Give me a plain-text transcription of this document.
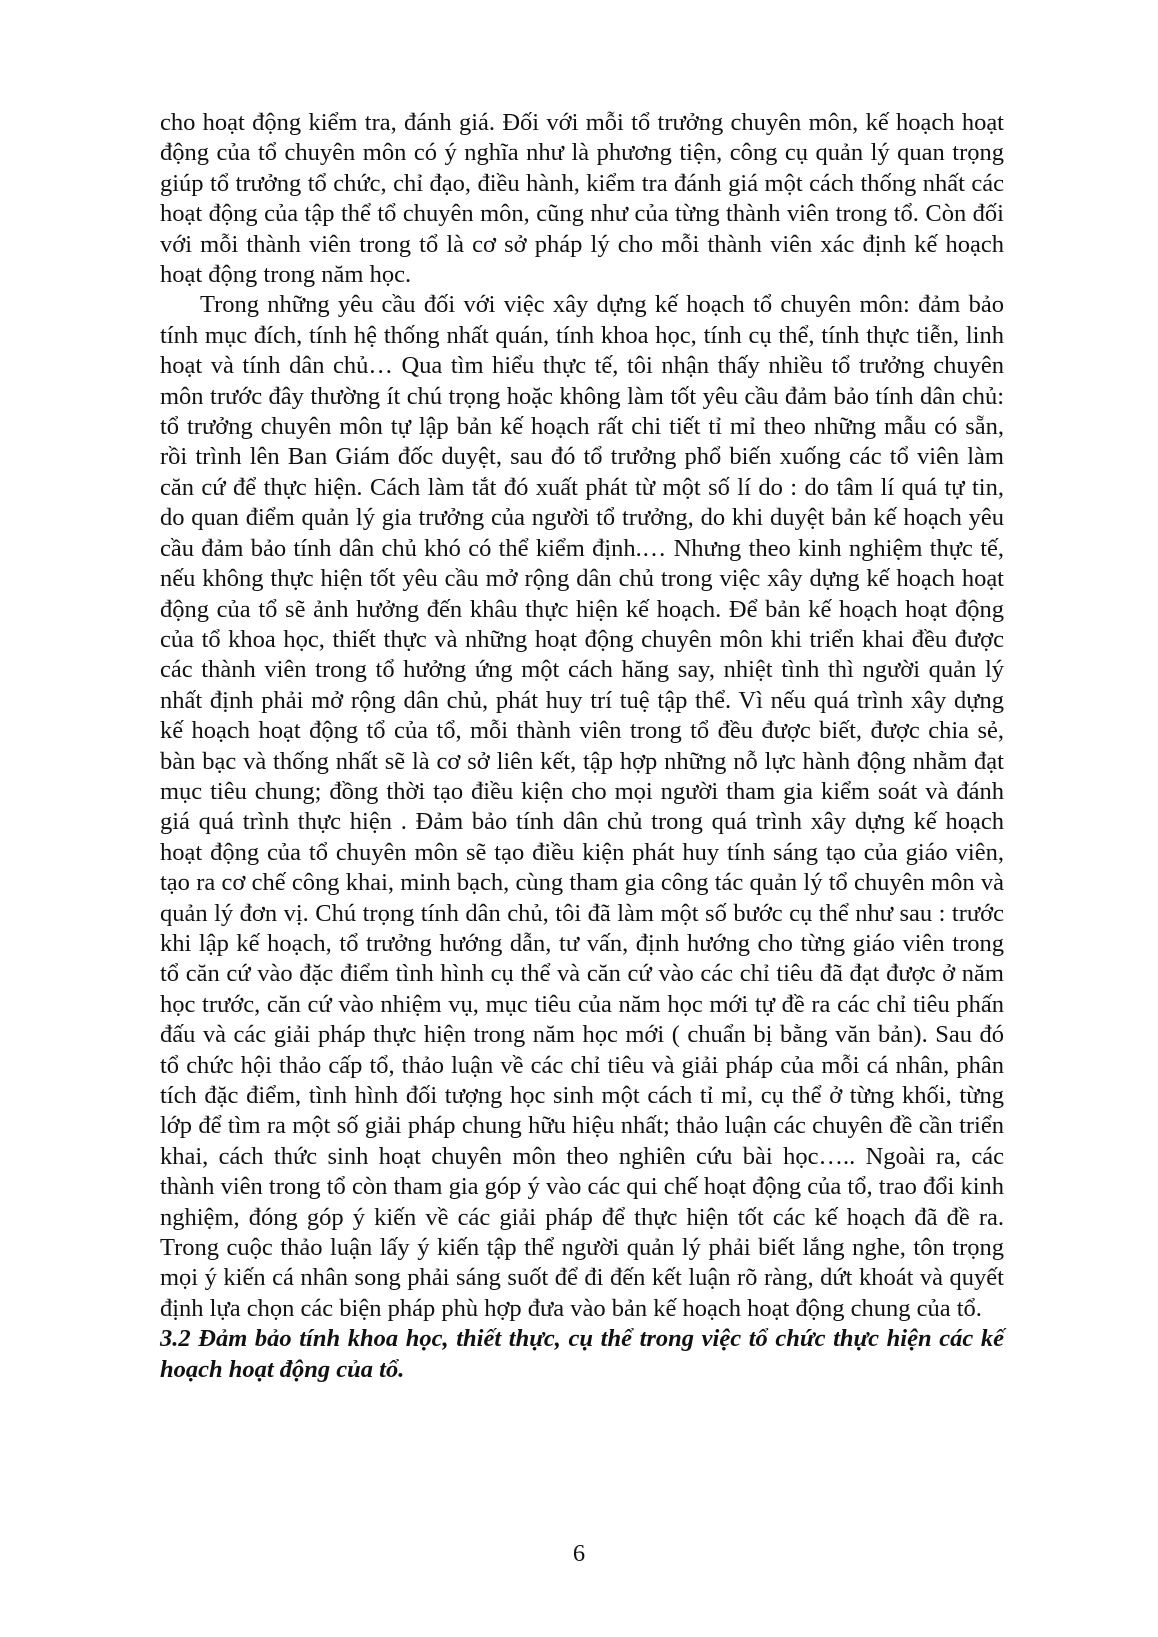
cho hoạt động kiểm tra, đánh giá. Đối với mỗi tổ trưởng chuyên môn, kế hoạch hoạt động của tổ chuyên môn có ý nghĩa như là phương tiện, công cụ quản lý quan trọng giúp tổ trưởng tổ chức, chỉ đạo, điều hành, kiểm tra đánh giá một cách thống nhất các hoạt động của tập thể tổ chuyên môn, cũng như của từng thành viên trong tổ. Còn đối với mỗi thành viên trong tổ là cơ sở pháp lý cho mỗi thành viên xác định kế hoạch hoạt động trong năm học.

Trong những yêu cầu đối với việc xây dựng kế hoạch tổ chuyên môn: đảm bảo tính mục đích, tính hệ thống nhất quán, tính khoa học, tính cụ thể, tính thực tiễn, linh hoạt và tính dân chủ… Qua tìm hiểu thực tế, tôi nhận thấy nhiều tổ trưởng chuyên môn trước đây thường ít chú trọng hoặc không làm tốt yêu cầu đảm bảo tính dân chủ: tổ trưởng chuyên môn tự lập bản kế hoạch rất chi tiết tỉ mỉ theo những mẫu có sẵn, rồi trình lên Ban Giám đốc duyệt, sau đó tổ trưởng phổ biến xuống các tổ viên làm căn cứ để thực hiện. Cách làm tắt đó xuất phát từ một số lí do : do tâm lí quá tự tin, do quan điểm quản lý gia trưởng của người tổ trưởng, do khi duyệt bản kế hoạch yêu cầu đảm bảo tính dân chủ khó có thể kiểm định.… Nhưng theo kinh nghiệm thực tế, nếu không thực hiện tốt yêu cầu mở rộng dân chủ trong việc xây dựng kế hoạch hoạt động của tổ sẽ ảnh hưởng đến khâu thực hiện kế hoạch. Để bản kế hoạch hoạt động của tổ khoa học, thiết thực và những hoạt động chuyên môn khi triển khai đều được các thành viên trong tổ hưởng ứng một cách hăng say, nhiệt tình thì người quản lý nhất định phải mở rộng dân chủ, phát huy trí tuệ tập thể. Vì nếu quá trình xây dựng kế hoạch hoạt động tổ của tổ, mỗi thành viên trong tổ đều được biết, được chia sẻ, bàn bạc và thống nhất sẽ là cơ sở liên kết, tập hợp những nỗ lực hành động nhằm đạt mục tiêu chung; đồng thời tạo điều kiện cho mọi người tham gia kiểm soát và đánh giá quá trình thực hiện . Đảm bảo tính dân chủ trong quá trình xây dựng kế hoạch hoạt động của tổ chuyên môn sẽ tạo điều kiện phát huy tính sáng tạo của giáo viên, tạo ra cơ chế công khai, minh bạch, cùng tham gia công tác quản lý tổ chuyên môn và quản lý đơn vị. Chú trọng tính dân chủ, tôi đã làm một số bước cụ thể như sau : trước khi lập kế hoạch, tổ trưởng hướng dẫn, tư vấn, định hướng cho từng giáo viên trong tổ căn cứ vào đặc điểm tình hình cụ thể và căn cứ vào các chỉ tiêu đã đạt được ở năm học trước, căn cứ vào nhiệm vụ, mục tiêu của năm học mới tự đề ra các chỉ tiêu phấn đấu và các giải pháp thực hiện trong năm học mới ( chuẩn bị bằng văn bản). Sau đó tổ chức hội thảo cấp tổ, thảo luận về các chỉ tiêu và giải pháp của mỗi cá nhân, phân tích đặc điểm, tình hình đối tượng học sinh một cách tỉ mỉ, cụ thể ở từng khối, từng lớp để tìm ra một số giải pháp chung hữu hiệu nhất; thảo luận các chuyên đề cần triển khai, cách thức sinh hoạt chuyên môn theo nghiên cứu bài học….. Ngoài ra, các thành viên trong tổ còn tham gia góp ý vào các qui chế hoạt động của tổ, trao đổi kinh nghiệm, đóng góp ý kiến về các giải pháp để thực hiện tốt các kế hoạch đã đề ra. Trong cuộc thảo luận lấy ý kiến tập thể người quản lý phải biết lắng nghe, tôn trọng mọi ý kiến cá nhân song phải sáng suốt để đi đến kết luận rõ ràng, dứt khoát và quyết định lựa chọn các biện pháp phù hợp đưa vào bản kế hoạch hoạt động chung của tổ.

3.2 Đảm bảo tính khoa học, thiết thực, cụ thể trong việc tổ chức thực hiện các kế hoạch hoạt động của tổ.

6
